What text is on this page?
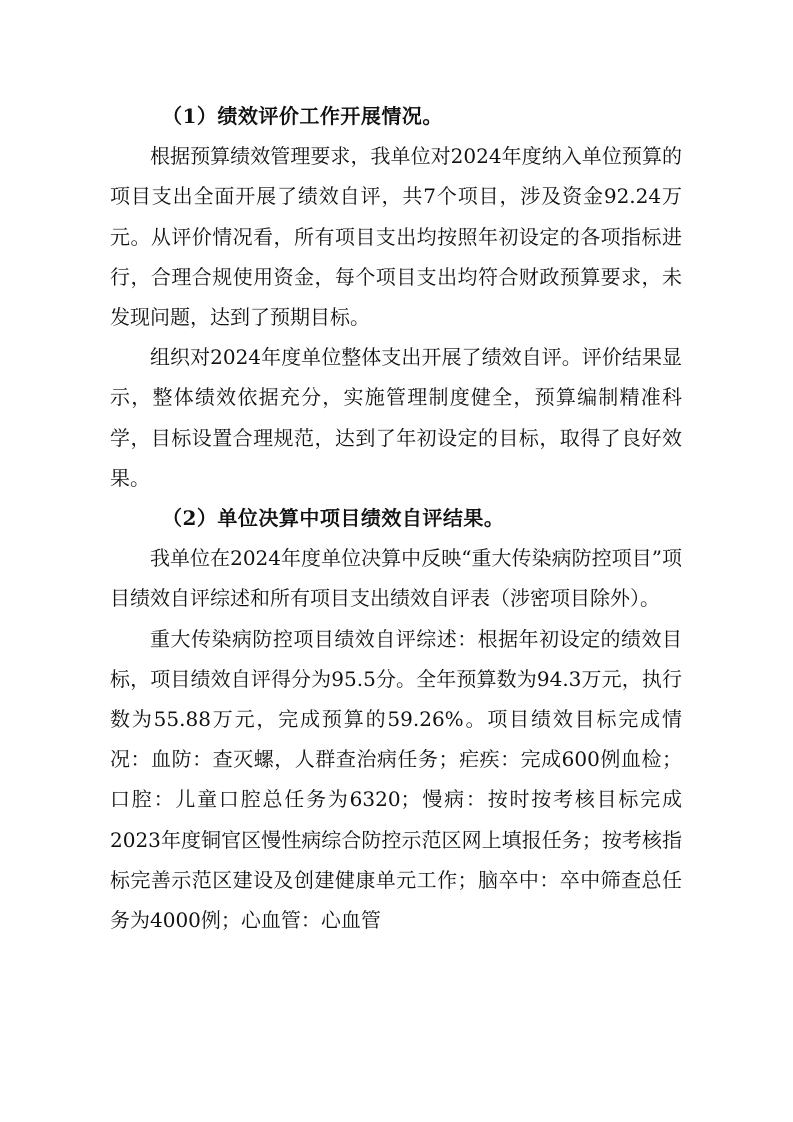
（1）绩效评价工作开展情况。

根据预算绩效管理要求，我单位对2024年度纳入单位预算的项目支出全面开展了绩效自评，共7个项目，涉及资金92.24万元。从评价情况看，所有项目支出均按照年初设定的各项指标进行，合理合规使用资金，每个项目支出均符合财政预算要求，未发现问题，达到了预期目标。

组织对2024年度单位整体支出开展了绩效自评。评价结果显示，整体绩效依据充分，实施管理制度健全，预算编制精准科学，目标设置合理规范，达到了年初设定的目标，取得了良好效果。

（2）单位决算中项目绩效自评结果。

我单位在2024年度单位决算中反映“重大传染病防控项目”项目绩效自评综述和所有项目支出绩效自评表（涉密项目除外）。

重大传染病防控项目绩效自评综述：根据年初设定的绩效目标，项目绩效自评得分为95.5分。全年预算数为94.3万元，执行数为55.88万元，完成预算的59.26%。项目绩效目标完成情况：血防：查灭螺，人群查治病任务；疟疾：完成600例血检；口腔：儿童口腔总任务为6320；慢病：按时按考核目标完成2023年度铜官区慢性病综合防控示范区网上填报任务；按考核指标完善示范区建设及创建健康单元工作；脑卒中：卒中筛查总任务为4000例；心血管：心血管
